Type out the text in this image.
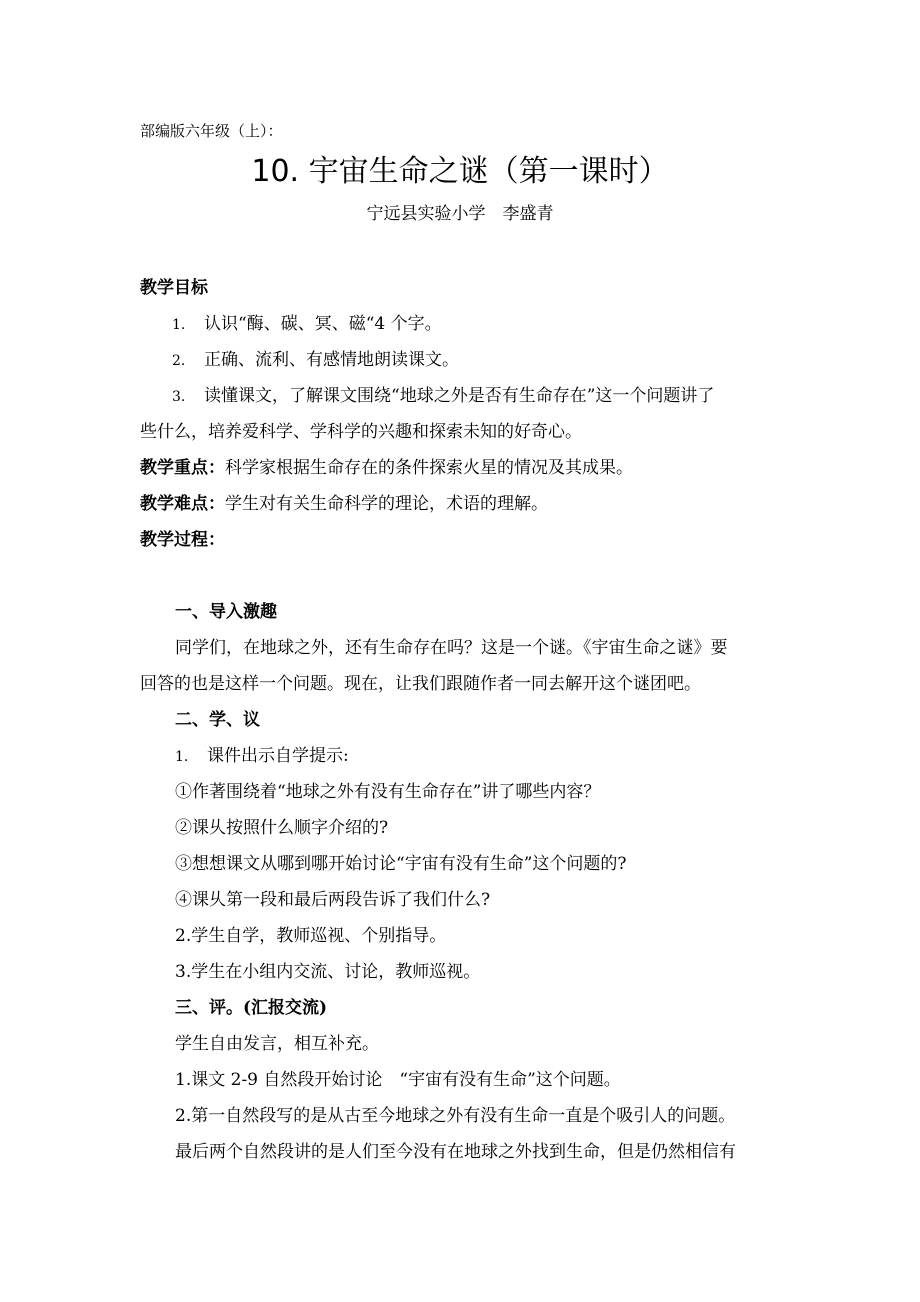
部编版六年级（上）：
10. 宇宙生命之谜（第一课时）
宁远县实验小学　李盛青
教学目标
1. 认识“酶、碳、冥、磁“4 个字。
2. 正确、流利、有感情地朗读课文。
3. 读懂课文，了解课文围绕“地球之外是否有生命存在”这一个问题讲了
些什么，培养爱科学、学科学的兴趣和探索未知的好奇心。
教学重点：科学家根据生命存在的条件探索火星的情况及其成果。
教学难点：学生对有关生命科学的理论，术语的理解。
教学过程：
一、导入激趣
同学们，在地球之外，还有生命存在吗？这是一个谜。《宇宙生命之谜》要
回答的也是这样一个问题。现在，让我们跟随作者一同去解开这个谜团吧。
二、学、议
1. 课件出示自学提示:
①作著围绕着“地球之外有没有生命存在”讲了哪些内容？
②课乆按照什么顺字介绍的?
③想想课文从哪到哪开始讨论“宇宙有没有生命”这个问题的?
④课乆第一段和最后两段告诉了我们什么?
2.学生自学，教师巡视、个别指导。
3.学生在小组内交流、讨论，教师巡视。
三、评。(汇报交流)
学生自由发言，相互补充。
1.课文 2-9 自然段开始讨论　“宇宙有没有生命”这个问题。
2.第一自然段写的是从古至今地球之外有没有生命一直是个吸引人的问题。
最后两个自然段讲的是人们至今没有在地球之外找到生命，但是仍然相信有
